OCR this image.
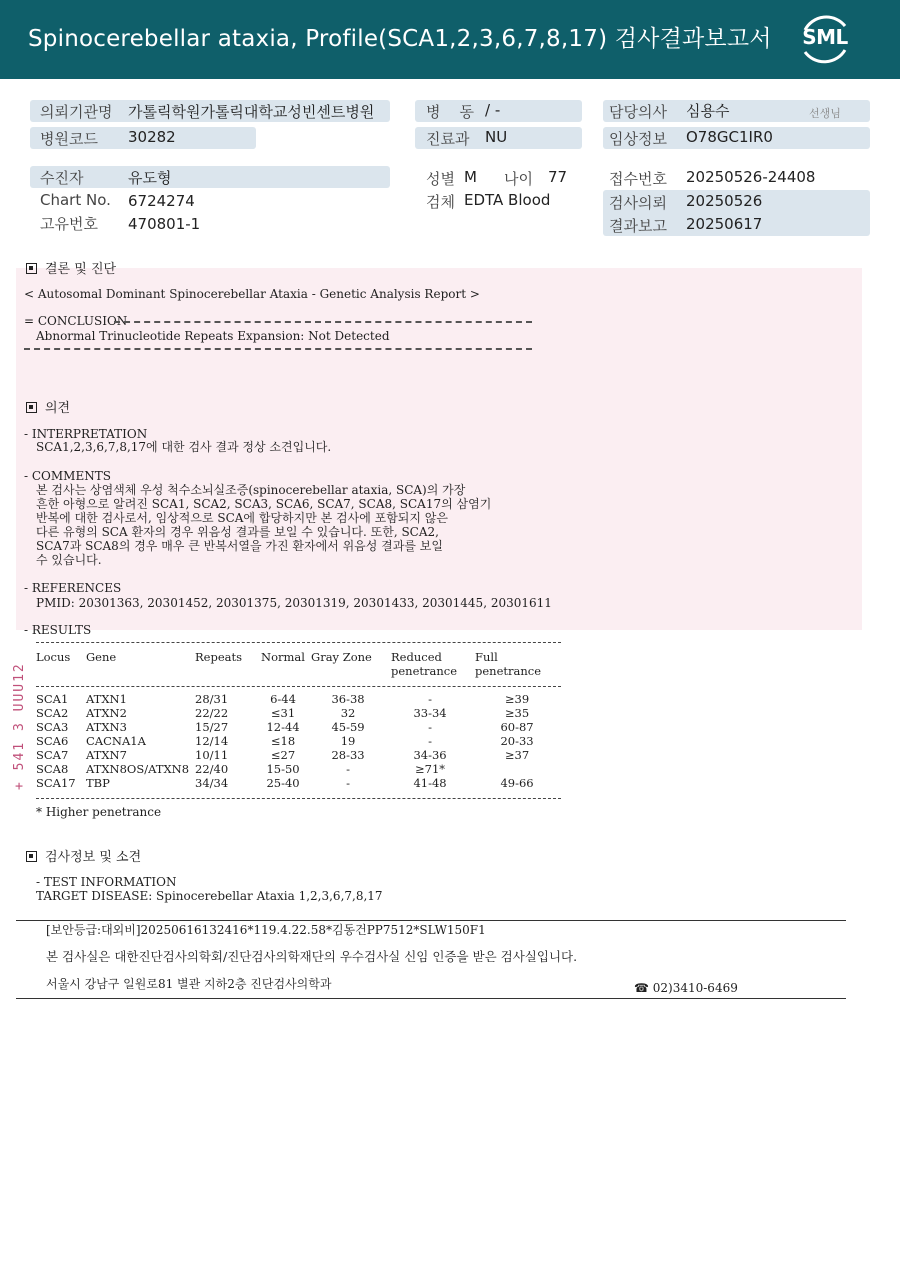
Spinocerebellar ataxia, Profile(SCA1,2,3,6,7,8,17) 검사결과보고서 SML
의뢰기관명 가톨릭학원가톨릭대학교성빈센트병원
병원코드 30282
수진자	유도형
Chart No. 6724274
고유번호 470801-1
병    동 / -
진료과 NU
성별 M 나이 77
검체 EDTA Blood
담당의사 심용수	선생님
임상정보 O78GC1IR0
접수번호 20250526-24408
검사의뢰 20250526
결과보고 20250617
결론 및 진단
< Autosomal Dominant Spinocerebellar Ataxia - Genetic Analysis Report >
= CONCLUSION
Abnormal Trinucleotide Repeats Expansion: Not Detected
의견
- INTERPRETATION
SCA1,2,3,6,7,8,17에 대한 검사 결과 정상 소견입니다.
- COMMENTS
본 검사는 상염색체 우성 척수소뇌실조증(spinocerebellar ataxia, SCA)의 가장
흔한 아형으로 알려진 SCA1, SCA2, SCA3, SCA6, SCA7, SCA8, SCA17의 삼염기
반복에 대한 검사로서, 임상적으로 SCA에 합당하지만 본 검사에 포함되지 않은
다른 유형의 SCA 환자의 경우 위음성 결과를 보일 수 있습니다. 또한, SCA2,
SCA7과 SCA8의 경우 매우 큰 반복서열을 가진 환자에서 위음성 결과를 보일
수 있습니다.
- REFERENCES
PMID: 20301363, 20301452, 20301375, 20301319, 20301433, 20301445, 20301611
- RESULTS
Locus	Gene	Repeats	Normal	Gray Zone	Reduced penetrance	Full penetrance

SCA1	ATXN1	28/31	6-44	36-38	-	≥39
SCA2	ATXN2	22/22	≤31	32	33-34	≥35
SCA3	ATXN3	15/27	12-44	45-59	-	60-87
SCA6	CACNA1A	12/14	≤18	19	-	20-33
SCA7	ATXN7	10/11	≤27	28-33	34-36	≥37
SCA8	ATXN8OS/ATXN8	22/40	15-50	-	≥71*	
SCA17	TBP	34/34	25-40	-	41-48	49-66
* Higher penetrance
검사정보 및 소견
- TEST INFORMATION
TARGET DISEASE: Spinocerebellar Ataxia 1,2,3,6,7,8,17
[보안등급:대외비]20250616132416*119.4.22.58*김동건PP7512*SLW150F1
본 검사실은 대한진단검사의학회/진단검사의학재단의 우수검사실 신임 인증을 받은 검사실입니다.
서울시 강남구 일원로81 별관 지하2층 진단검사의학과	☎ 02)3410-6469
+ 541 3 UUU12
